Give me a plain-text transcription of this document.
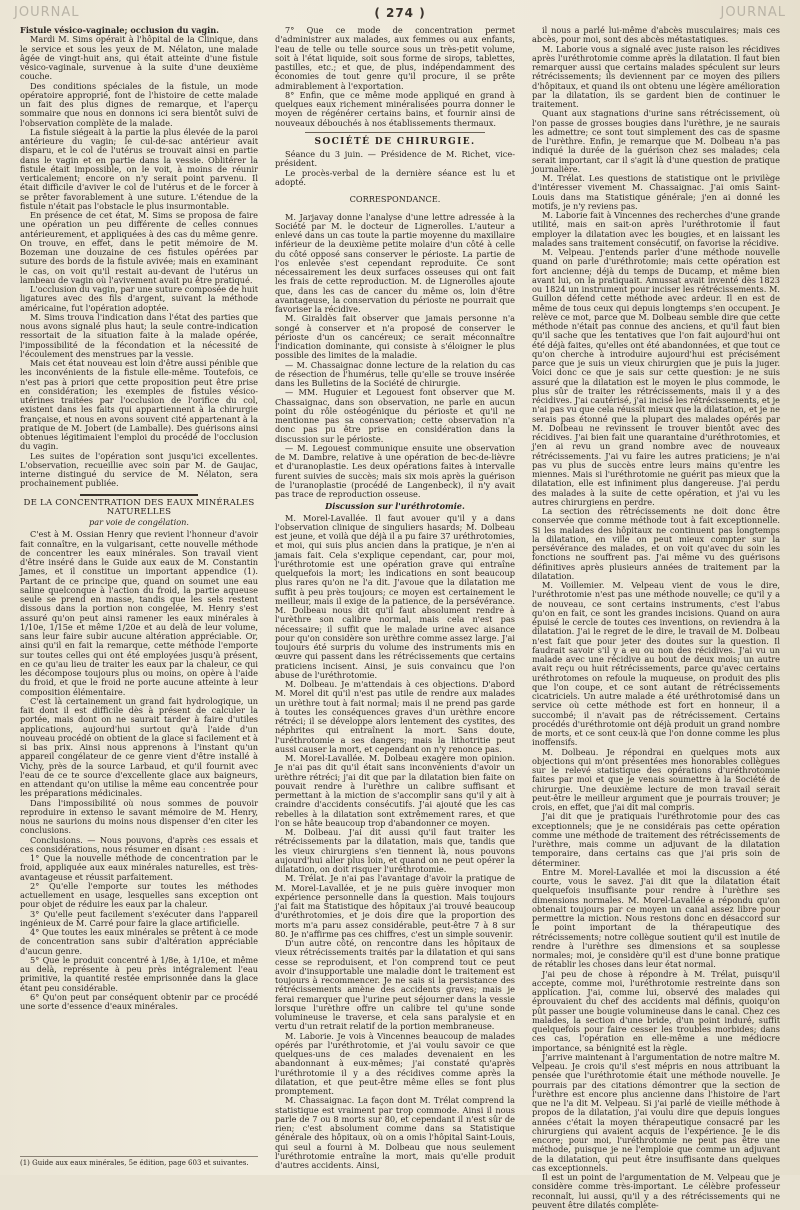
JOURNAL	( 274 )	JOURNAL

Fistule vésico-vaginale; occlusion du vagin.

Mardi M. Sims opérait à l'hôpital de la Clinique, dans le service et sous les yeux de M. Nélaton, une malade âgée de vingt-huit ans, qui était atteinte d'une fistule vésico-vaginale, survenue à la suite d'une deuxième couche.

Des conditions spéciales de la fistule, un mode opératoire approprié, font de l'histoire de cette malade un fait des plus dignes de remarque, et l'aperçu sommaire que nous en donnons ici sera bientôt suivi de l'observation complète de la malade.

La fistule siégeait à la partie la plus élevée de la paroi antérieure du vagin; le cul-de-sac antérieur avait disparu, et le col de l'utérus se trouvait ainsi en partie dans le vagin et en partie dans la vessie. Oblitérer la fistule était impossible, on le voit, à moins de réunir verticalement; encore on n'y serait point parvenu. Il était difficile d'aviver le col de l'utérus et de le forcer à se prêter favorablement à une suture. L'étendue de la fistule n'était pas l'obstacle le plus insurmontable.

En présence de cet état, M. Sims se proposa de faire une opération un peu différente de celles connues antérieurement, et appliquées à des cas du même genre. On trouve, en effet, dans le petit mémoire de M. Bozeman une douzaine de ces fistules opérées par suture des bords de la fistule avivée; mais en examinant le cas, on voit qu'il restait au-devant de l'utérus un lambeau de vagin où l'avivement avait pu être pratiqué.

L'occlusion du vagin, par une suture composée de huit ligatures avec des fils d'argent, suivant la méthode américaine, fut l'opération adoptée.

M. Sims trouva l'indication dans l'état des parties que nous avons signalé plus haut; la seule contre-indication ressortait de la situation faite à la malade opérée, l'impossibilité de la fécondation et la nécessité de l'écoulement des menstrues par la vessie.

Mais cet état nouveau est loin d'être aussi pénible que les inconvénients de la fistule elle-même. Toutefois, ce n'est pas à priori que cette proposition peut être prise en considération; les exemples de fistules vésico-utérines traitées par l'occlusion de l'orifice du col, existent dans les faits qui appartiennent à la chirurgie française, et nous en avons souvent cité appartenant à la pratique de M. Jobert (de Lamballe). Des guérisons ainsi obtenues légitimaient l'emploi du procédé de l'occlusion du vagin.

Les suites de l'opération sont jusqu'ici excellentes. L'observation, recueillie avec soin par M. de Gaujac, interne distingué du service de M. Nélaton, sera prochainement publiée.

DE LA CONCENTRATION DES EAUX MINÉRALES NATURELLES

par voie de congélation.

C'est à M. Ossian Henry que revient l'honneur d'avoir fait connaître, en la vulgarisant, cette nouvelle méthode de concentrer les eaux minérales. Son travail vient d'être inséré dans le Guide aux eaux de M. Constantin James, et il constitue un important appendice (1). Partant de ce principe que, quand on soumet une eau saline quelconque à l'action du froid, la partie aqueuse seule se prend en masse, tandis que les sels restent dissous dans la portion non congelée, M. Henry s'est assuré qu'on peut ainsi ramener les eaux minérales à 1/10e, 1/15e et même 1/20e et au delà de leur volume, sans leur faire subir aucune altération appréciable. Or, ainsi qu'il en fait la remarque, cette méthode l'emporte sur toutes celles qui ont été employées jusqu'à présent, en ce qu'au lieu de traiter les eaux par la chaleur, ce qui les décompose toujours plus ou moins, on opère à l'aide du froid, et que le froid ne porte aucune atteinte à leur composition élémentaire.

C'est là certainement un grand fait hydrologique, un fait dont il est difficile dès à présent de calculer la portée, mais dont on ne saurait tarder à faire d'utiles applications, aujourd'hui surtout qu'à l'aide d'un nouveau procédé on obtient de la glace si facilement et à si bas prix. Ainsi nous apprenons à l'instant qu'un appareil congélateur de ce genre vient d'être installé à Vichy, près de la source Larbaud, et qu'il fournit avec l'eau de ce te source d'excellente glace aux baigneurs, en attendant qu'on utilise la même eau concentrée pour les préparations médicinales.

Dans l'impossibilité où nous sommes de pouvoir reproduire in extenso le savant mémoire de M. Henry, nous ne saurions du moins nous dispenser d'en citer les conclusions.

Conclusions. — Nous pouvons, d'après ces essais et ces considérations, nous résumer en disant :

1° Que la nouvelle méthode de concentration par le froid, appliquée aux eaux minérales naturelles, est très-avantageuse et réussit parfaitement.

2° Qu'elle l'emporte sur toutes les méthodes actuellement en usage, lesquelles sans exception ont pour objet de réduire les eaux par la chaleur.

3° Qu'elle peut facilement s'exécuter dans l'appareil ingénieux de M. Carré pour faire la glace artificielle.

4° Que toutes les eaux minérales se prêtent à ce mode de concentration sans subir d'altération appréciable d'aucun genre.

5° Que le produit concentré à 1/8e, à 1/10e, et même au delà, représente à peu près intégralement l'eau primitive, la quantité restée emprisonnée dans la glace étant peu considérable.

6° Qu'on peut par conséquent obtenir par ce procédé une sorte d'essence d'eaux minérales.

7° Que ce mode de concentration permet d'administrer aux malades, aux femmes ou aux enfants, l'eau de telle ou telle source sous un très-petit volume, soit à l'état liquide, soit sous forme de sirops, tablettes, pastilles, etc.; et que, de plus, indépendamment des économies de tout genre qu'il procure, il se prête admirablement à l'exportation.

8° Enfin, que ce même mode appliqué en grand à quelques eaux richement minéralisées pourra donner le moyen de régénérer certains bains, et fournir ainsi de nouveaux débouchés à nos établissements thermaux.

SOCIÉTÉ DE CHIRURGIE.

Séance du 3 juin. — Présidence de M. Richet, vice-président.

Le procès-verbal de la dernière séance est lu et adopté.

CORRESPONDANCE.

M. Jarjavay donne l'analyse d'une lettre adressée à la Société par M. le docteur de Lignerolles. L'auteur a enlevé dans un cas toute la partie moyenne du maxillaire inférieur de la deuxième petite molaire d'un côté à celle du côté opposé sans conserver le périoste. La partie de l'os enlevée s'est cependant reproduite. Ce sont nécessairement les deux surfaces osseuses qui ont fait les frais de cette reproduction. M. de Lignerolles ajoute que, dans les cas de cancer du même os, loin d'être avantageuse, la conservation du périoste ne pourrait que favoriser la récidive.

M. Giraldès fait observer que jamais personne n'a songé à conserver et n'a proposé de conserver le périoste d'un os cancéreux; ce serait méconnaître l'indication dominante, qui consiste à s'éloigner le plus possible des limites de la maladie.

— M. Chassaignac donne lecture de la relation du cas de résection de l'humérus, telle qu'elle se trouve insérée dans les Bulletins de la Société de chirurgie.

— MM. Huguier et Legouest font observer que M. Chassaignac, dans son observation, ne parle en aucun point du rôle ostéogénique du périoste et qu'il ne mentionne pas sa conservation; cette observation n'a donc pas pu être prise en considération dans la discussion sur le périoste.

— M. Legouest communique ensuite une observation de M. Dambre, relative à une opération de bec-de-lièvre et d'uranoplastie. Les deux opérations faites à intervalle furent suivies de succès; mais six mois après la guérison de l'uranoplastie (procédé de Langenbeck), il n'y avait pas trace de reproduction osseuse.

Discussion sur l'uréthrotomie.

M. Morel-Lavallée. Il faut avouer qu'il y a dans l'observation clinique de singuliers hasards; M. Dolbeau est jeune, et voilà que déjà il a pu faire 37 uréthrotomies, et moi, qui suis plus ancien dans la pratique, je n'en ai jamais fait. Cela s'explique cependant, car, pour moi, l'uréthrotomie est une opération grave qui entraîne quelquefois la mort; les indications en sont beaucoup plus rares qu'on ne l'a dit. J'avoue que la dilatation me suffit à peu près toujours; ce moyen est certainement le meilleur, mais il exige de la patience, de la persévérance. M. Dolbeau nous dit qu'il faut absolument rendre à l'urèthre son calibre normal, mais cela n'est pas nécessaire; il suffit que le malade urine avec aisance pour qu'on considère son urèthre comme assez large. J'ai toujours été surpris du volume des instruments mis en œuvre qui passent dans les rétrécissements que certains praticiens incisent. Ainsi, je suis convaincu que l'on abuse de l'uréthrotomie.

M. Dolbeau. Je m'attendais à ces objections. D'abord M. Morel dit qu'il n'est pas utile de rendre aux malades un urèthre tout à fait normal; mais il ne prend pas garde à toutes les conséquences graves d'un urèthre encore rétréci; il se développe alors lentement des cystites, des néphrites qui entraînent la mort. Sans doute, l'uréthrotomie a ses dangers; mais la lithotritie peut aussi causer la mort, et cependant on n'y renonce pas.

M. Morel-Lavallée. M. Dolbeau exagère mon opinion. Je n'ai pas dit qu'il était sans inconvénients d'avoir un urèthre rétréci; j'ai dit que par la dilatation bien faite on pouvait rendre à l'urèthre un calibre suffisant et permettant à la miction de s'accomplir sans qu'il y ait à craindre d'accidents consécutifs. J'ai ajouté que les cas rebelles à la dilatation sont extrêmement rares, et que l'on se hâte beaucoup trop d'abandonner ce moyen.

M. Dolbeau. J'ai dit aussi qu'il faut traiter les rétrécissements par la dilatation, mais que, tandis que les vieux chirurgiens s'en tiennent là, nous pouvons aujourd'hui aller plus loin, et quand on ne peut opérer la dilatation, on doit risquer l'uréthrotomie.

M. Trélat. Je n'ai pas l'avantage d'avoir la pratique de M. Morel-Lavallée, et je ne puis guère invoquer mon expérience personnelle dans la question. Mais toujours j'ai fait ma Statistique des hôpitaux j'ai trouvé beaucoup d'uréthrotomies, et je dois dire que la proportion des morts m'a paru assez considérable, peut-être 7 à 8 sur 80. Je n'affirme pas ces chiffres, c'est un simple souvenir.

D'un autre côté, on rencontre dans les hôpitaux de vieux rétrécissements traités par la dilatation et qui sans cesse se reproduisent, et l'on comprend tout ce peut avoir d'insupportable une maladie dont le traitement est toujours à recommencer. Je ne sais si la persistance des rétrécissements amène des accidents graves; mais je ferai remarquer que l'urine peut séjourner dans la vessie lorsque l'urèthre offre un calibre tel qu'une sonde volumineuse le traverse, et cela sans paralysie et en vertu d'un retrait relatif de la portion membraneuse.

M. Laborie. Je vois à Vincennes beaucoup de malades opérés par l'uréthrotomie, et j'ai voulu savoir ce que quelques-uns de ces malades devenaient en les abandonnant à eux-mêmes; j'ai constaté qu'après l'uréthrotomie il y a des récidives comme après la dilatation, et que peut-être même elles se font plus promptement.

M. Chassaignac. La façon dont M. Trélat comprend la statistique est vraiment par trop commode. Ainsi il nous parle de 7 ou 8 morts sur 80, et cependant il n'est sûr de rien; c'est absolument comme dans sa Statistique générale des hôpitaux, où on a omis l'hôpital Saint-Louis, qui seul a fourni à M. Dolbeau que nous seulement l'uréthrotomie entraîne la mort, mais qu'elle produit d'autres accidents. Ainsi,

il nous a parlé lui-même d'abcès musculaires; mais ces abcès, pour moi, sont des abcès métastatiques.

M. Laborie vous a signalé avec juste raison les récidives après l'uréthrotomie comme après la dilatation. Il faut bien remarquer aussi que certains malades spéculent sur leurs rétrécissements; ils deviennent par ce moyen des piliers d'hôpitaux, et quand ils ont obtenu une légère amélioration par la dilatation, ils se gardent bien de continuer le traitement.

Quant aux stagnations d'urine sans rétrécissement, où l'on passe de grosses bougies dans l'urèthre, je ne saurais les admettre; ce sont tout simplement des cas de spasme de l'urèthre. Enfin, je remarque que M. Dolbeau n'a pas indiqué la durée de la guérison chez ses malades; cela serait important, car il s'agit là d'une question de pratique journalière.

M. Trélat. Les questions de statistique ont le privilège d'intéresser vivement M. Chassaignac. J'ai omis Saint-Louis dans ma Statistique générale; j'en ai donné les motifs, je n'y reviens pas.

M. Laborie fait à Vincennes des recherches d'une grande utilité, mais en sait-on après l'uréthrotomie il faut employer la dilatation avec les bougies, et en laissant les malades sans traitement consécutif, on favorise la récidive.

M. Velpeau. J'entends parler d'une méthode nouvelle quand on parle d'uréthrotomie; mais cette opération est fort ancienne; déjà du temps de Ducamp, et même bien avant lui, on la pratiquait. Amussat avait inventé dès 1823 ou 1824 un instrument pour inciser les rétrécissements. M. Guillon défend cette méthode avec ardeur. Il en est de même de tous ceux qui depuis longtemps s'en occupent. Je relève ce mot, parce que M. Dolbeau semble dire que cette méthode n'était pas connue des anciens, et qu'il faut bien qu'il sache que les tentatives que l'on fait aujourd'hui ont été déjà faites, qu'elles ont été abandonnées, et que tout ce qu'on cherche à introduire aujourd'hui est précisément parce que je suis un vieux chirurgien que je puis la juger. Voici donc ce que je sais sur cette question: je ne suis assuré que la dilatation est le moyen le plus commode, le plus sûr de traiter les rétrécissements, mais il y a des récidives. J'ai cautérisé, j'ai incisé les rétrécissements, et je n'ai pas vu que cela réussît mieux que la dilatation, et je ne serais pas étonné que la plupart des malades opérés par M. Dolbeau ne revinssent le trouver bientôt avec des récidives. J'ai bien fait une quarantaine d'uréthrotomies, et j'en ai revu un grand nombre avec de nouveaux rétrécissements. J'ai vu faire les autres praticiens; je n'ai pas vu plus de succès entre leurs mains qu'entre les miennes. Mais si l'uréthrotomie ne guérit pas mieux que la dilatation, elle est infiniment plus dangereuse. J'ai perdu des malades à la suite de cette opération, et j'ai vu les autres chirurgiens en perdre.

La section des rétrécissements ne doit donc être conservée que comme méthode tout à fait exceptionnelle. Si les malades des hôpitaux ne continuent pas longtemps la dilatation, en ville on peut mieux compter sur la persévérance des malades, et on voit qu'avec du soin les fonctions ne souffrent pas. J'ai même vu des guérisons définitives après plusieurs années de traitement par la dilatation.

M. Voillemier. M. Velpeau vient de vous le dire, l'uréthrotomie n'est pas une méthode nouvelle; ce qu'il y a de nouveau, ce sont certains instruments, c'est l'abus qu'on en fait, ce sont les grandes incisions. Quand on aura épuisé le cercle de toutes ces inventions, on reviendra à la dilatation. J'ai le regret de le dire, le travail de M. Dolbeau n'est fait que pour jeter des doutes sur la question. Il faudrait savoir s'il y a eu ou non des récidives. J'ai vu un malade avec une récidive au bout de deux mois; un autre avait reçu ou huit rétrécissements, parce qu'avec certains uréthrotomes on refoule la muqueuse, on produit des plis que l'on coupe, et ce sont autant de rétrécissements cicatriciels. Un autre malade a été uréthrotomisé dans un service où cette méthode est fort en honneur, il a succombé; il n'avait pas de rétrécissement. Certains procédés d'uréthrotomie ont déjà produit un grand nombre de morts, et ce sont ceux-là que l'on donne comme les plus inoffensifs.

M. Dolbeau. Je répondrai en quelques mots aux objections qui m'ont présentées mes honorables collègues sur le relevé statistique des opérations d'uréthrotomie faites par moi et que je venais soumettre à la Société de chirurgie. Une deuxième lecture de mon travail serait peut-être le meilleur argument que je pourrais trouver; je crois, en effet, que j'ai dit mal compris.

J'ai dit que je pratiquais l'uréthrotomie pour des cas exceptionnels; que je ne considérais pas cette opération comme une méthode de traitement des rétrécissements de l'urèthre, mais comme un adjuvant de la dilatation temporaire, dans certains cas que j'ai pris soin de déterminer.

Entre M. Morel-Lavallée et moi la discussion a été courte, vous le savez. J'ai dit que la dilatation était quelquefois insuffisante pour rendre à l'urèthre ses dimensions normales. M. Morel-Lavallée a répondu qu'on obtenait toujours par ce moyen un canal assez libre pour permettre la miction. Nous restons donc en désaccord sur le point important de la thérapeutique des rétrécissements; notre collègue soutient qu'il est inutile de rendre à l'urèthre ses dimensions et sa souplesse normales; moi, je considère qu'il est d'une bonne pratique de rétablir les choses dans leur état normal.

J'ai peu de chose à répondre à M. Trélat, puisqu'il accepte, comme moi, l'uréthrotomie restreinte dans son application. J'ai, comme lui, observé des malades qui éprouvaient du chef des accidents mal définis, quoiqu'on pût passer une bougie volumineuse dans le canal. Chez ces malades, la section d'une bride, d'un point induré, suffit quelquefois pour faire cesser les troubles morbides; dans ces cas, l'opération en elle-même a une médiocre importance, sa bénignité est la règle.

J'arrive maintenant à l'argumentation de notre maître M. Velpeau. Je crois qu'il s'est mépris en nous attribuant la pensée que l'uréthrotomie était une méthode nouvelle. Je pourrais par des citations démontrer que la section de l'urèthre est encore plus ancienne dans l'histoire de l'art que ne l'a dit M. Velpeau. Si j'ai parlé de vieille méthode à propos de la dilatation, j'ai voulu dire que depuis longues années c'était la moyen thérapeutique consacré par les chirurgiens qui avaient acquis de l'expérience. Je le dis encore; pour moi, l'uréthrotomie ne peut pas être une méthode, puisque je ne l'emploie que comme un adjuvant de la dilatation, qui peut être insuffisante dans quelques cas exceptionnels.

Il est un point de l'argumentation de M. Velpeau que je considère comme très-important. Le célèbre professeur reconnaît, lui aussi, qu'il y a des rétrécissements qui ne peuvent être dilatés complète-

(1) Guide aux eaux minérales, 5e édition, page 603 et suivantes.
